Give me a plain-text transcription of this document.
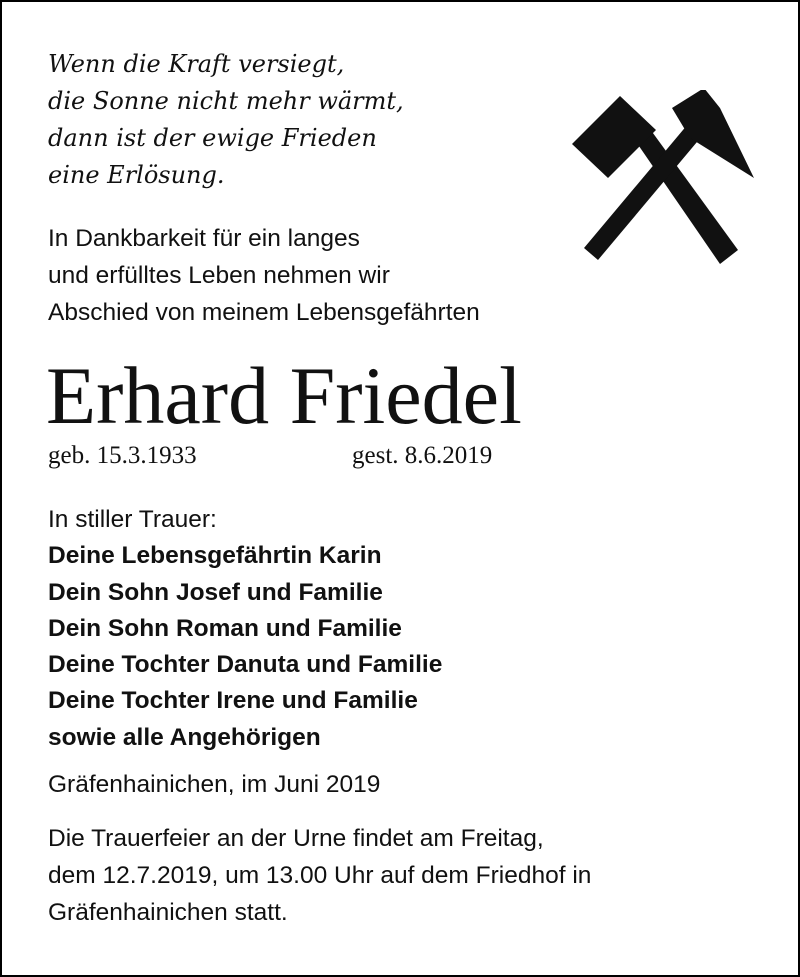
Wenn die Kraft versiegt,
die Sonne nicht mehr wärmt,
dann ist der ewige Frieden
eine Erlösung.
In Dankbarkeit für ein langes
und erfülltes Leben nehmen wir
Abschied von meinem Lebensgefährten
Erhard Friedel
geb. 15.3.1933	gest. 8.6.2019
In stiller Trauer:
Deine Lebensgefährtin Karin
Dein Sohn Josef und Familie
Dein Sohn Roman und Familie
Deine Tochter Danuta und Familie
Deine Tochter Irene und Familie
sowie alle Angehörigen
Gräfenhainichen, im Juni 2019
Die Trauerfeier an der Urne findet am Freitag,
dem 12.7.2019, um 13.00 Uhr auf dem Friedhof in
Gräfenhainichen statt.
